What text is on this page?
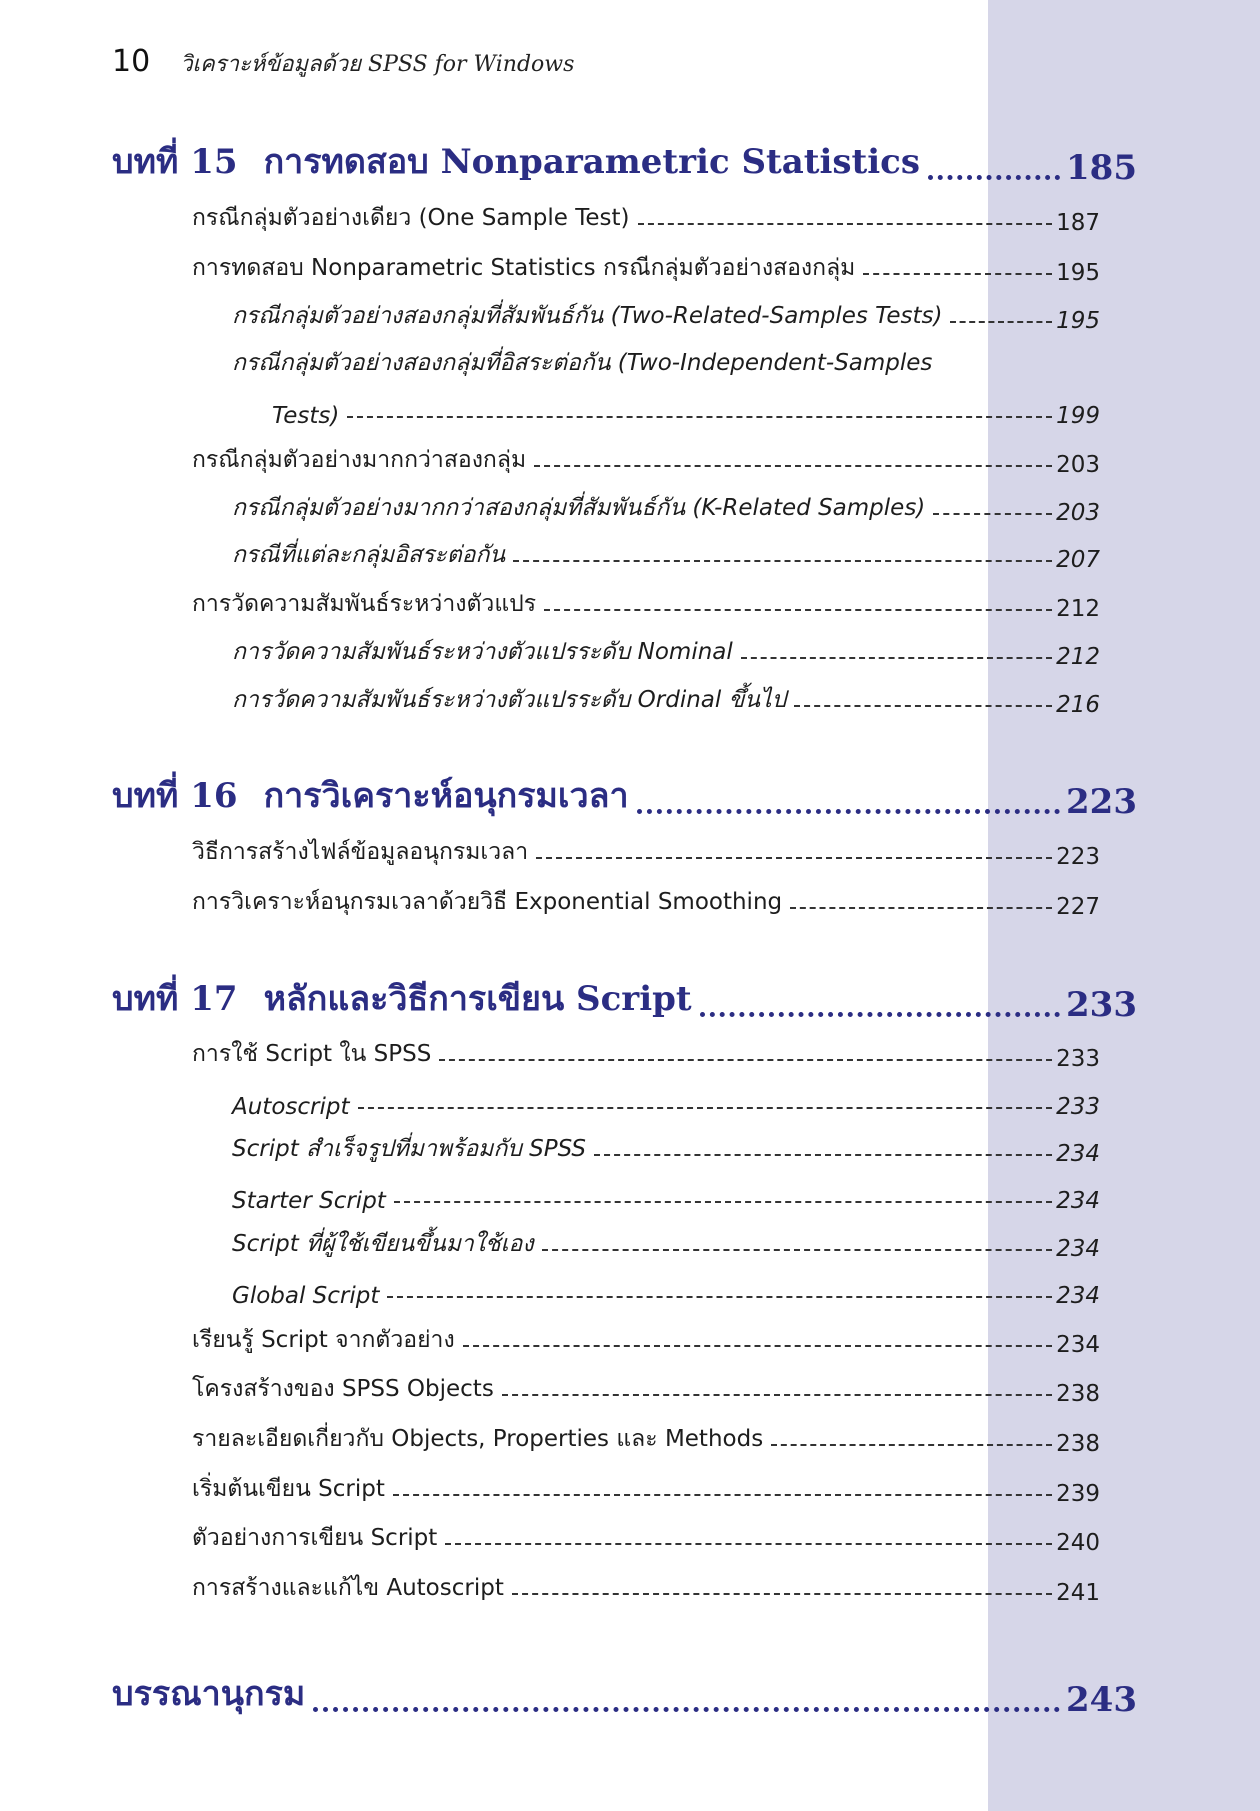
10 วิเคราะห์ข้อมูลด้วย SPSS for Windows
บทที่ 15 การทดสอบ Nonparametric Statistics	185
กรณีกลุ่มตัวอย่างเดียว (One Sample Test)	187
การทดสอบ Nonparametric Statistics กรณีกลุ่มตัวอย่างสองกลุ่ม	195
กรณีกลุ่มตัวอย่างสองกลุ่มที่สัมพันธ์กัน (Two-Related-Samples Tests)	195
กรณีกลุ่มตัวอย่างสองกลุ่มที่อิสระต่อกัน (Two-Independent-Samples
Tests)	199
กรณีกลุ่มตัวอย่างมากกว่าสองกลุ่ม	203
กรณีกลุ่มตัวอย่างมากกว่าสองกลุ่มที่สัมพันธ์กัน (K-Related Samples)	203
กรณีที่แต่ละกลุ่มอิสระต่อกัน	207
การวัดความสัมพันธ์ระหว่างตัวแปร	212
การวัดความสัมพันธ์ระหว่างตัวแปรระดับ Nominal	212
การวัดความสัมพันธ์ระหว่างตัวแปรระดับ Ordinal ขึ้นไป	216
บทที่ 16 การวิเคราะห์อนุกรมเวลา	223
วิธีการสร้างไฟล์ข้อมูลอนุกรมเวลา	223
การวิเคราะห์อนุกรมเวลาด้วยวิธี Exponential Smoothing	227
บทที่ 17 หลักและวิธีการเขียน Script	233
การใช้ Script ใน SPSS	233
Autoscript	233
Script สำเร็จรูปที่มาพร้อมกับ SPSS	234
Starter Script	234
Script ที่ผู้ใช้เขียนขึ้นมาใช้เอง	234
Global Script	234
เรียนรู้ Script จากตัวอย่าง	234
โครงสร้างของ SPSS Objects	238
รายละเอียดเกี่ยวกับ Objects, Properties และ Methods	238
เริ่มต้นเขียน Script	239
ตัวอย่างการเขียน Script	240
การสร้างและแก้ไข Autoscript	241
บรรณานุกรม	243
